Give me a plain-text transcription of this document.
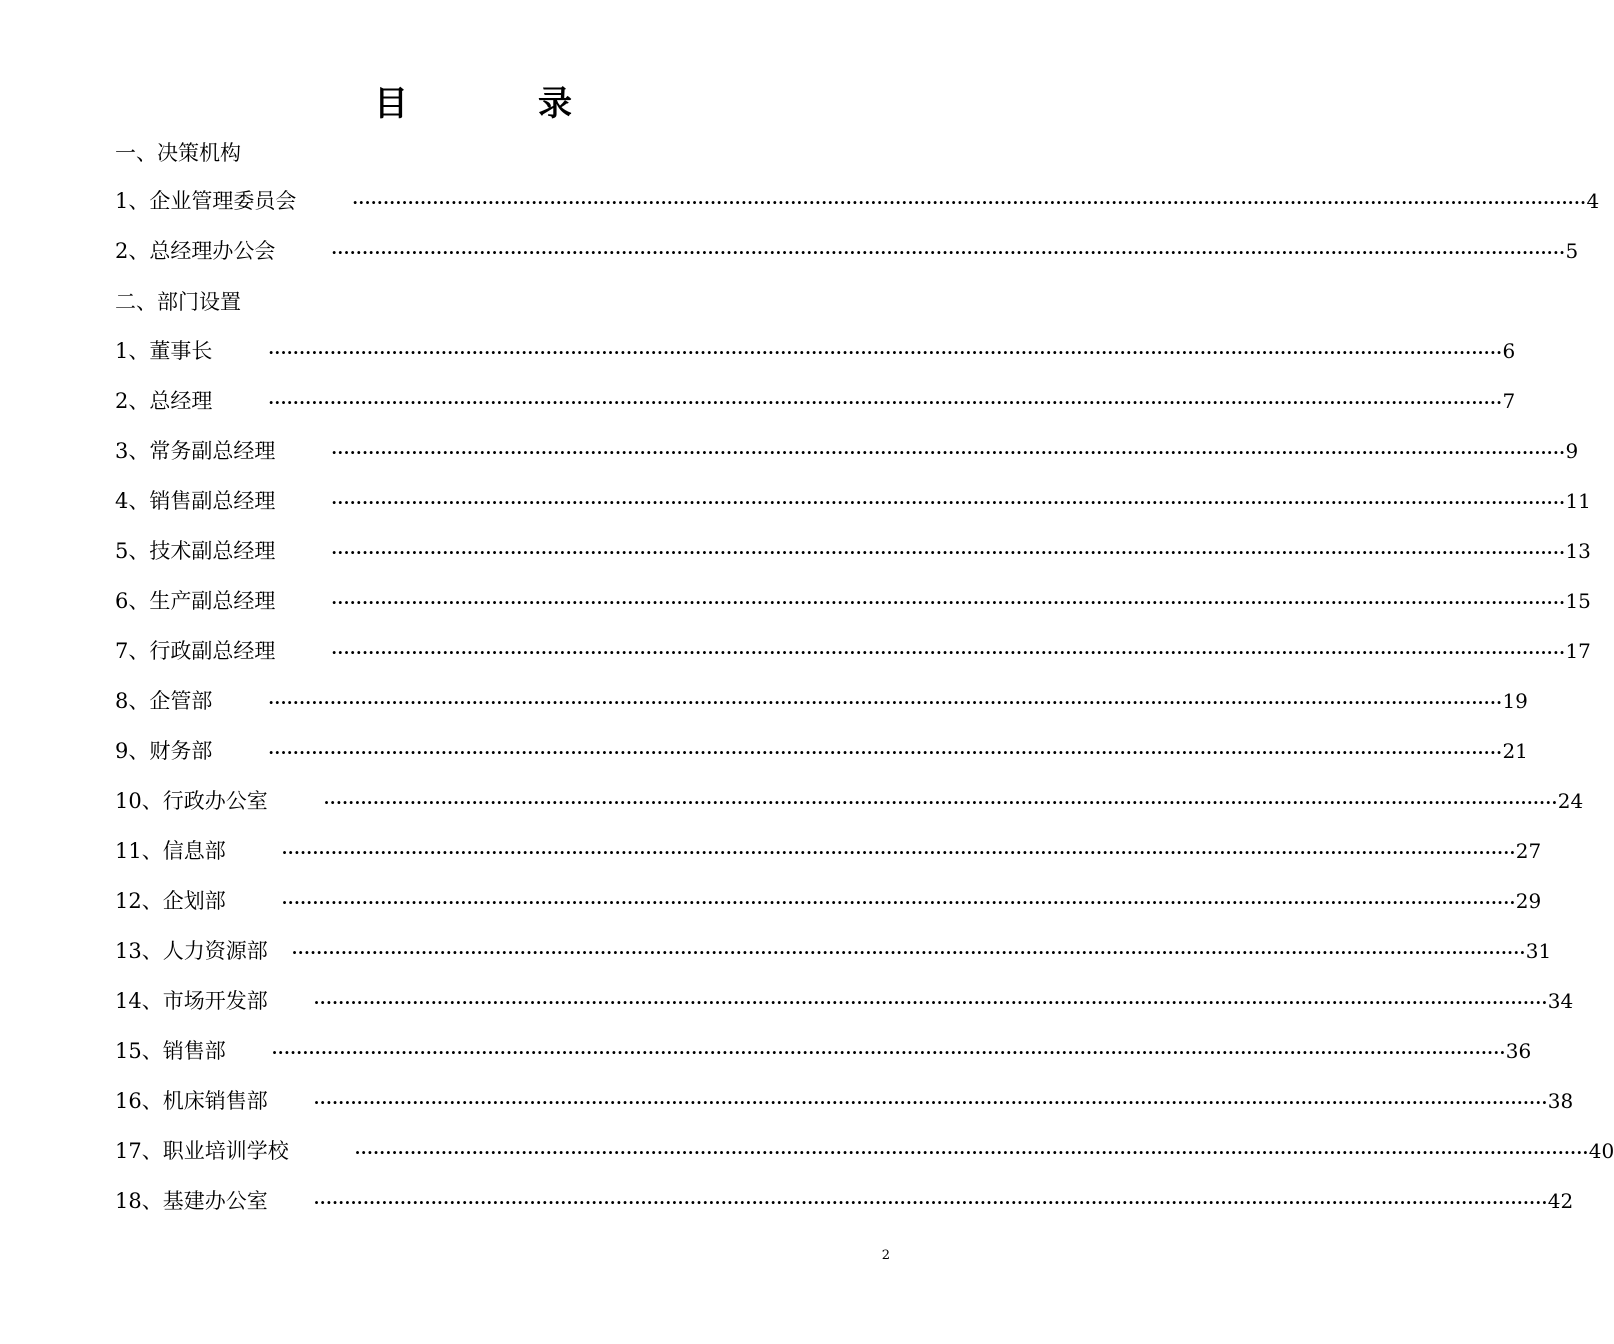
目　录
一、决策机构
1、企业管理委员会	········································································································································································································ 4
2、总经理办公会	········································································································································································································ 5
二、部门设置
1、董事长	········································································································································································································ 6
2、总经理	········································································································································································································ 7
3、常务副总经理	········································································································································································································ 9
4、销售副总经理	········································································································································································································ 11
5、技术副总经理	········································································································································································································ 13
6、生产副总经理	········································································································································································································ 15
7、行政副总经理	········································································································································································································ 17
8、企管部	········································································································································································································ 19
9、财务部	········································································································································································································ 21
10、行政办公室	········································································································································································································ 24
11、信息部	········································································································································································································ 27
12、企划部	········································································································································································································ 29
13、人力资源部 ········································································································································································································ 31
14、市场开发部	········································································································································································································ 34
15、销售部	········································································································································································································ 36
16、机床销售部	········································································································································································································ 38
17、职业培训学校	········································································································································································································ 40
18、基建办公室	········································································································································································································ 42
2
